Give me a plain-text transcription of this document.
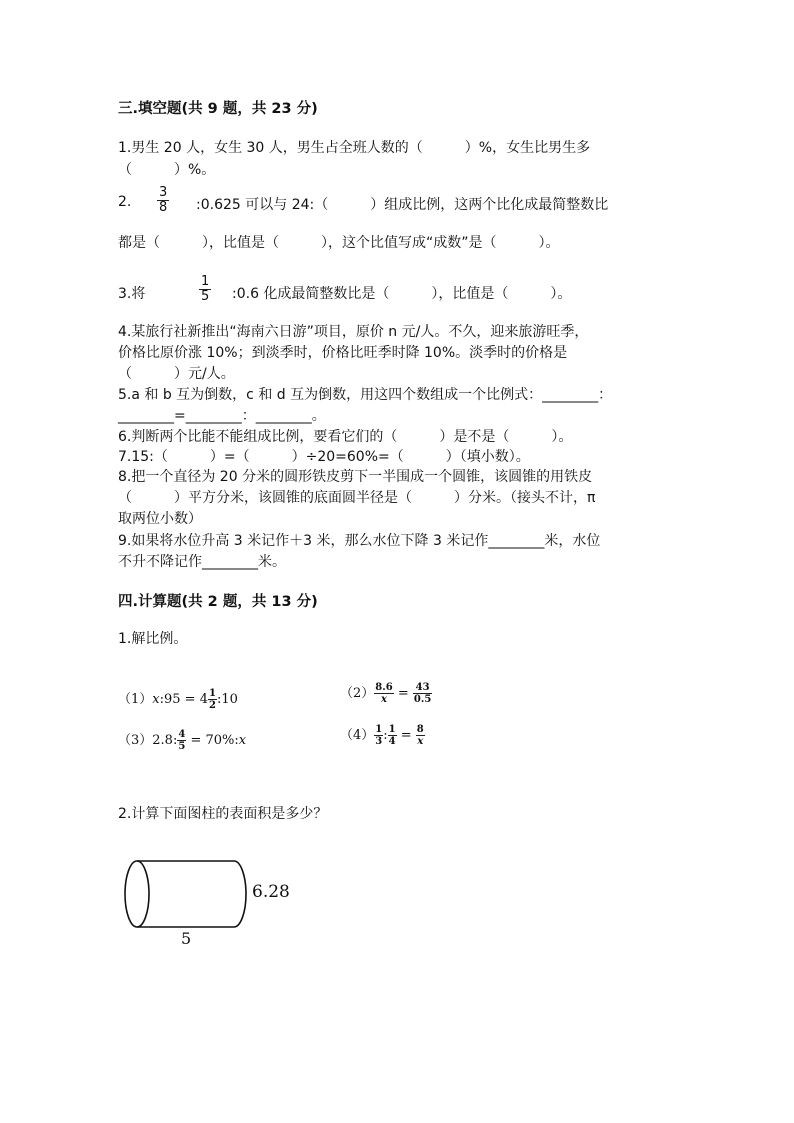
三.填空题(共 9 题，共 23 分)
1.男生 20 人，女生 30 人，男生占全班人数的（　　　）%，女生比男生多
（　　　）%。
2. $\frac{3}{8}$ :0.625 可以与 24:（　　　）组成比例，这两个比化成最简整数比
都是（　　　），比值是（　　　），这个比值写成“成数”是（　　　）。
3.将	$\frac{1}{5}$ :0.6 化成最简整数比是（　　　），比值是（　　　）。
4.某旅行社新推出“海南六日游”项目，原价 n 元/人。不久，迎来旅游旺季，
价格比原价涨 10%；到淡季时，价格比旺季时降 10%。淡季时的价格是
（　　　）元/人。
5.a 和 b 互为倒数，c 和 d 互为倒数，用这四个数组成一个比例式：________：
________=________：________。
6.判断两个比能不能组成比例，要看它们的（　　　）是不是（　　　）。
7.15:（　　　）=（　　　）÷20=60%=（　　　）（填小数）。
8.把一个直径为 20 分米的圆形铁皮剪下一半围成一个圆锥，该圆锥的用铁皮
（　　　）平方分米，该圆锥的底面圆半径是（　　　）分米。（接头不计，π
取两位小数）
9.如果将水位升高 3 米记作＋3 米，那么水位下降 3 米记作________米，水位
不升不降记作________米。
四.计算题(共 2 题，共 13 分)
1.解比例。
（1）x:95 = $4 \frac{1}{2}$ :10	$(2) \frac{8.6}{x} = \frac{43}{0.5}$
（3）2.8: $\frac{4}{5}$ = 70%:x	$(4) \frac{1}{3}$ : $\frac{1}{4} = \frac{8}{x}$
2.计算下面图柱的表面积是多少？
6.28
5
